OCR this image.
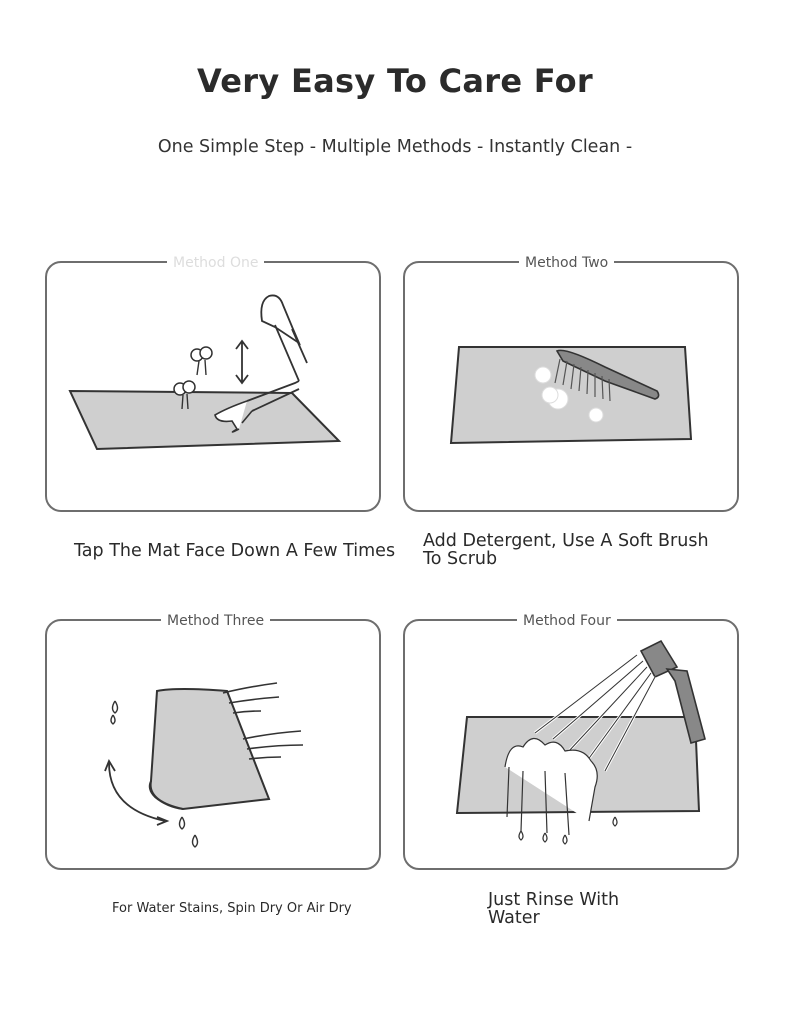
Very Easy To Care For
One Simple Step - Multiple Methods - Instantly Clean -
Method One	Method Two
Tap The Mat Face Down A Few Times Add Detergent, Use A Soft Brush To Scrub
Method Three	Method Four
For Water Stains, Spin Dry Or Air Dry	Just Rinse With Water
